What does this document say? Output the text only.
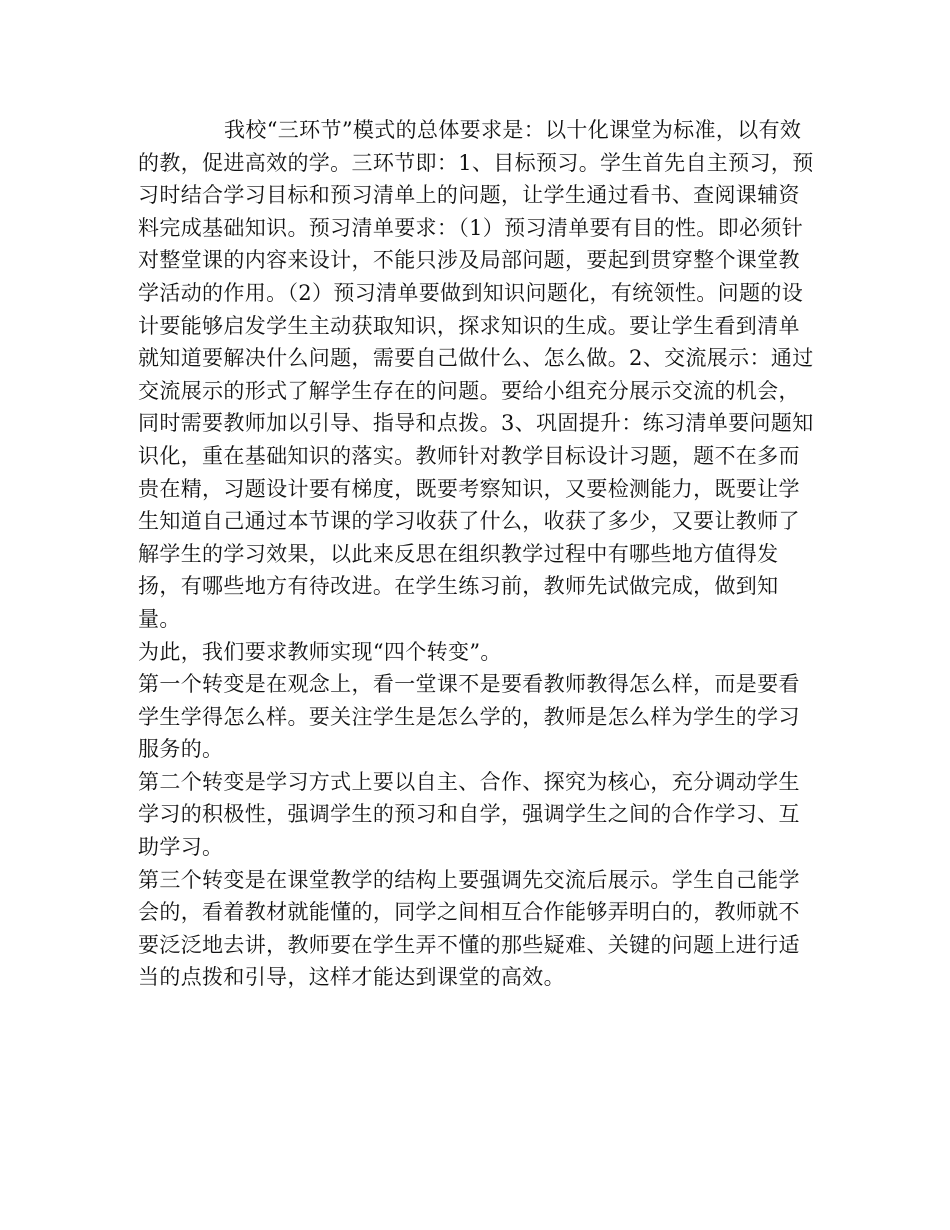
我校“三环节”模式的总体要求是：以十化课堂为标准，以有效的教，促进高效的学。三环节即：1、目标预习。学生首先自主预习，预习时结合学习目标和预习清单上的问题，让学生通过看书、查阅课辅资料完成基础知识。预习清单要求：（1）预习清单要有目的性。即必须针对整堂课的内容来设计，不能只涉及局部问题，要起到贯穿整个课堂教学活动的作用。（2）预习清单要做到知识问题化，有统领性。问题的设计要能够启发学生主动获取知识，探求知识的生成。要让学生看到清单就知道要解决什么问题，需要自己做什么、怎么做。2、交流展示：通过交流展示的形式了解学生存在的问题。要给小组充分展示交流的机会，同时需要教师加以引导、指导和点拨。3、巩固提升：练习清单要问题知识化，重在基础知识的落实。教师针对教学目标设计习题，题不在多而贵在精，习题设计要有梯度，既要考察知识，又要检测能力，既要让学生知道自己通过本节课的学习收获了什么，收获了多少，又要让教师了解学生的学习效果，以此来反思在组织教学过程中有哪些地方值得发扬，有哪些地方有待改进。在学生练习前，教师先试做完成，做到知量。

为此，我们要求教师实现“四个转变”。

第一个转变是在观念上，看一堂课不是要看教师教得怎么样，而是要看学生学得怎么样。要关注学生是怎么学的，教师是怎么样为学生的学习服务的。

第二个转变是学习方式上要以自主、合作、探究为核心，充分调动学生学习的积极性，强调学生的预习和自学，强调学生之间的合作学习、互助学习。

第三个转变是在课堂教学的结构上要强调先交流后展示。学生自己能学会的，看着教材就能懂的，同学之间相互合作能够弄明白的，教师就不要泛泛地去讲，教师要在学生弄不懂的那些疑难、关键的问题上进行适当的点拨和引导，这样才能达到课堂的高效。
